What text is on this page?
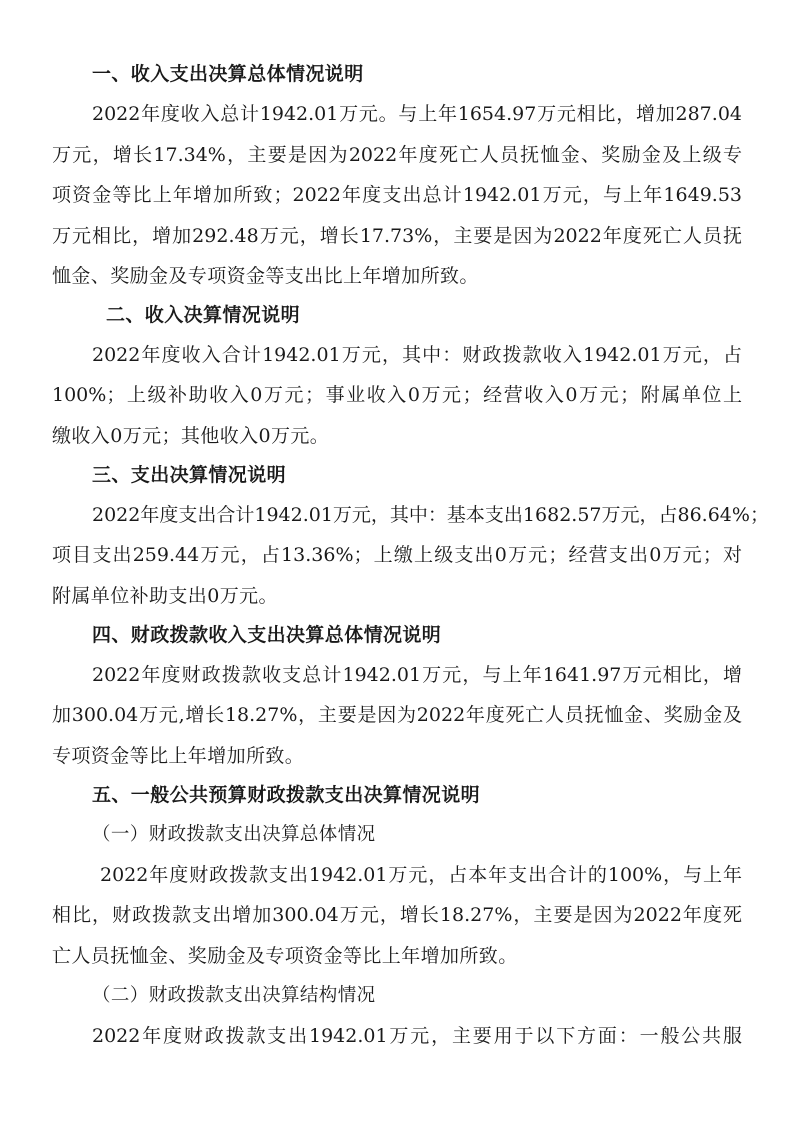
一、收入支出决算总体情况说明
2022年度收入总计1942.01万元。与上年1654.97万元相比，增加287.04
万元，增长17.34%，主要是因为2022年度死亡人员抚恤金、奖励金及上级专
项资金等比上年增加所致；2022年度支出总计1942.01万元，与上年1649.53
万元相比，增加292.48万元，增长17.73%，主要是因为2022年度死亡人员抚
恤金、奖励金及专项资金等支出比上年增加所致。
二、收入决算情况说明
2022年度收入合计1942.01万元，其中：财政拨款收入1942.01万元，占
100%；上级补助收入0万元；事业收入0万元；经营收入0万元；附属单位上
缴收入0万元；其他收入0万元。
三、支出决算情况说明
2022年度支出合计1942.01万元，其中：基本支出1682.57万元，占86.64%；
项目支出259.44万元，占13.36%；上缴上级支出0万元；经营支出0万元；对
附属单位补助支出0万元。
四、财政拨款收入支出决算总体情况说明
2022年度财政拨款收支总计1942.01万元，与上年1641.97万元相比，增
加300.04万元,增长18.27%，主要是因为2022年度死亡人员抚恤金、奖励金及
专项资金等比上年增加所致。
五、一般公共预算财政拨款支出决算情况说明
（一）财政拨款支出决算总体情况
2022年度财政拨款支出1942.01万元，占本年支出合计的100%，与上年
相比，财政拨款支出增加300.04万元，增长18.27%，主要是因为2022年度死
亡人员抚恤金、奖励金及专项资金等比上年增加所致。
（二）财政拨款支出决算结构情况
2022年度财政拨款支出1942.01万元，主要用于以下方面：一般公共服
